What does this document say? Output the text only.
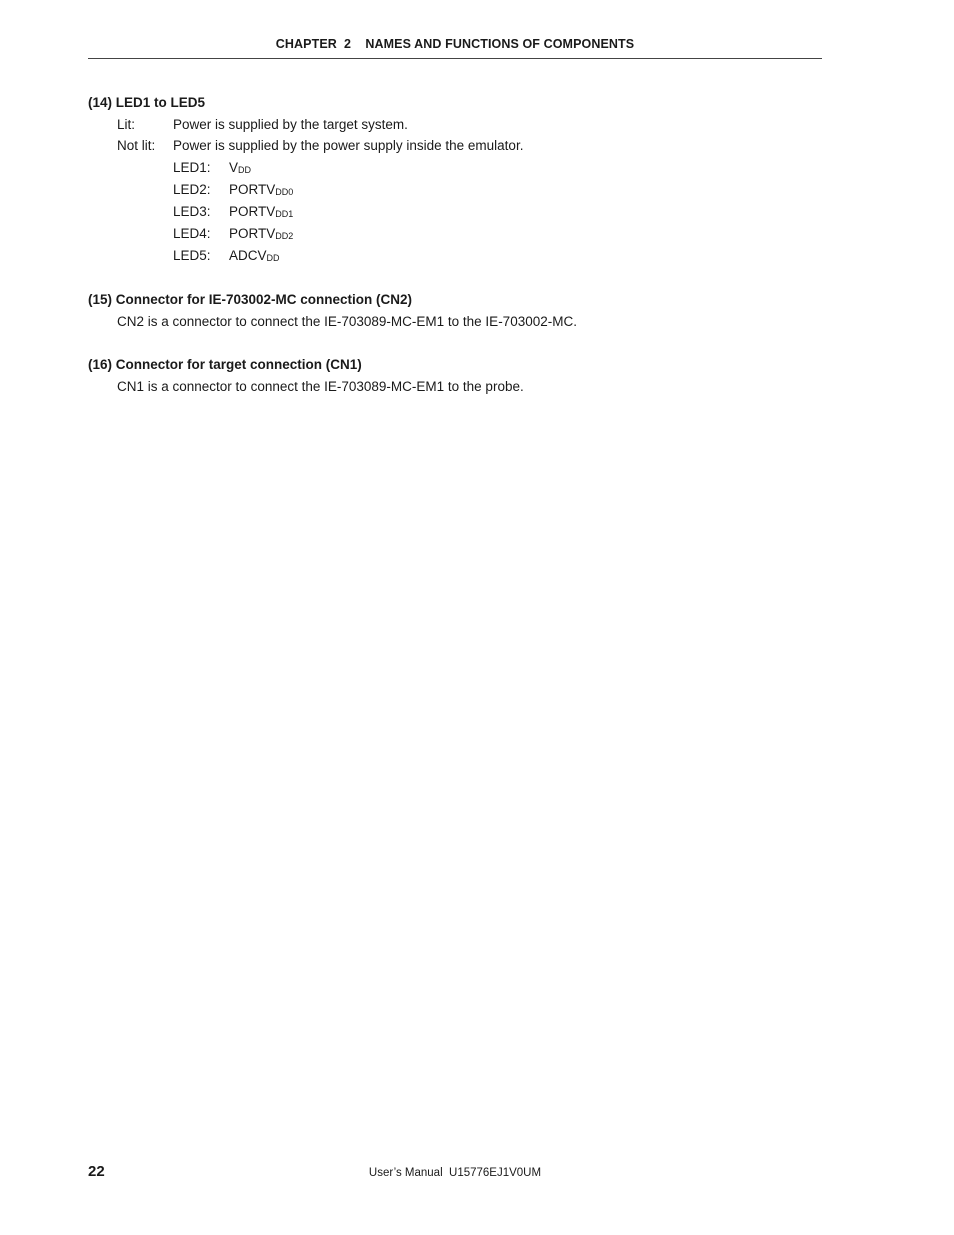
CHAPTER  2    NAMES AND FUNCTIONS OF COMPONENTS
(14) LED1 to LED5
Lit:	Power is supplied by the target system.
Not lit: Power is supplied by the power supply inside the emulator.
LED1: VDD
LED2: PORTVDD0
LED3: PORTVDD1
LED4: PORTVDD2
LED5: ADCVDD
(15) Connector for IE-703002-MC connection (CN2)
CN2 is a connector to connect the IE-703089-MC-EM1 to the IE-703002-MC.
(16) Connector for target connection (CN1)
CN1 is a connector to connect the IE-703089-MC-EM1 to the probe.
22	User’s Manual  U15776EJ1V0UM
